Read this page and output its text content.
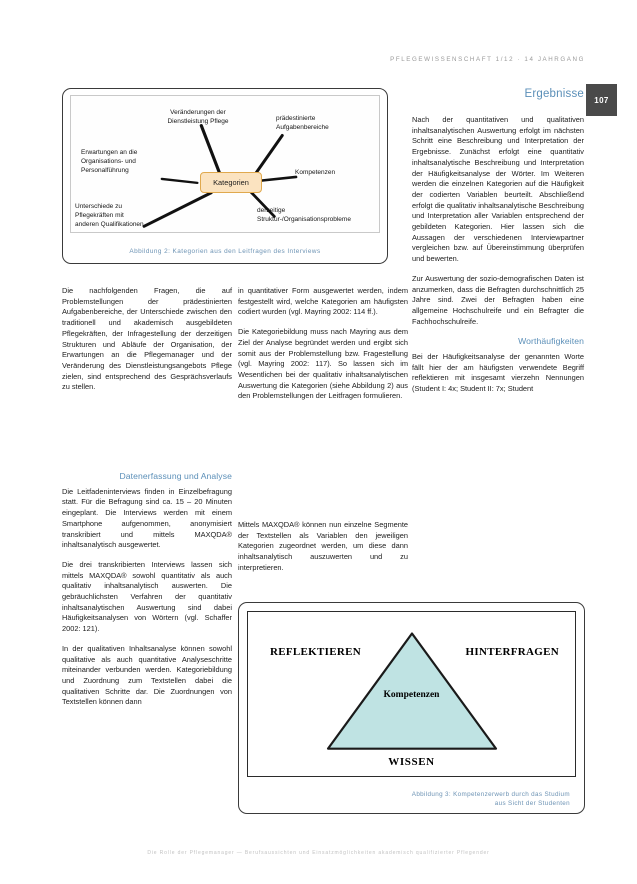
PFLEGEWISSENSCHAFT 1/12 · 14 JAHRGANG
107
Kategorien
Veränderungen der
Dienstleistung Pflege	prädestinierte
Aufgabenbereiche
Kompetenzen
derzeitige
Struktur-/Organisationsprobleme
Erwartungen an die
Organisations- und
Personalführung
Unterschiede zu
Pflegekräften mit
anderen Qualifikationen
Abbildung 2: Kategorien aus den Leitfragen des Interviews

Die nachfolgenden Fragen, die auf Problemstellungen der prädestinierten Aufgabenbereiche, der Unterschiede zwischen den traditionell und akademisch ausgebildeten Pflegekräften, der Infragestellung der derzeitigen Strukturen und Abläufe der Organisation, der Erwartungen an die Pflegemanager und der Veränderung des Dienstleistungsangebots Pflege zielen, sind entsprechend des Gesprächsverlaufs zu stellen.

Datenerfassung und Analyse

Die Leitfadeninterviews finden in Einzelbefragung statt. Für die Befragung sind ca. 15 – 20 Minuten eingeplant. Die Interviews werden mit einem Smartphone aufgenommen, anonymisiert transkribiert und mittels MAXQDA® inhaltsanalytisch ausgewertet.

Die drei transkribierten Interviews lassen sich mittels MAXQDA® sowohl quantitativ als auch qualitativ inhaltsanalytisch auswerten. Die gebräuchlichsten Verfahren der quantitativ inhaltsanalytischen Auswertung sind dabei Häufigkeitsanalysen von Wörtern (vgl. Schaffer 2002: 121).

In der qualitativen Inhaltsanalyse können sowohl qualitative als auch quantitative Analyseschritte miteinander verbunden werden. Kategoriebildung und Zuordnung zum Textstellen dabei die qualitativen Schritte dar. Die Zuordnungen von Textstellen können dann

in quantitativer Form ausgewertet werden, indem festgestellt wird, welche Kategorien am häufigsten codiert wurden (vgl. Mayring 2002: 114 ff.).

Die Kategoriebildung muss nach Mayring aus dem Ziel der Analyse begründet werden und ergibt sich somit aus der Problemstellung bzw. Fragestellung (vgl. Mayring 2002: 117). So lassen sich im Wesentlichen bei der qualitativ inhaltsanalytischen Auswertung die Kategorien (siehe Abbildung 2) aus den Problemstellungen der Leitfragen formulieren.

Mittels MAXQDA® können nun einzelne Segmente der Textstellen als Variablen den jeweiligen Kategorien zugeordnet werden, um diese dann inhaltsanalytisch auszuwerten und zu interpretieren.

Nach der quantitativen und qualitativen inhaltsanalytischen Auswertung erfolgt im nächsten Schritt eine Beschreibung und Interpretation der Ergebnisse. Zunächst erfolgt eine quantitativ inhaltsanalytische Beschreibung und Interpretation der Häufigkeitsanalyse der Wörter. Im Weiteren werden die einzelnen Kategorien auf die Häufigkeit der codierten Variablen beurteilt. Abschließend erfolgt die qualitativ inhaltsanalytische Beschreibung und Interpretation aller Variablen entsprechend der gebildeten Kategorien. Hier lassen sich die Aussagen der verschiedenen Interviewpartner vergleichen bzw. auf Übereinstimmung überprüfen und bewerten.

Zur Auswertung der sozio-demografischen Daten ist anzumerken, dass die Befragten durchschnittlich 25 Jahre sind. Zwei der Befragten haben eine allgemeine Hochschulreife und ein Befragter die Fachhochschulreife.

Worthäufigkeiten

Bei der Häufigkeitsanalyse der genannten Worte fällt hier der am häufigsten verwendete Begriff reflektieren mit insgesamt vierzehn Nennungen (Student I: 4x; Student II: 7x; Student

Ergebnisse
REFLEKTIEREN	HINTERFRAGEN
Kompetenzen
WISSEN
Abbildung 3: Kompetenzerwerb durch das Studium
aus Sicht der Studenten
Die Rolle der Pflegemanager — Berufsaussichten und Einsatzmöglichkeiten akademisch qualifizierter Pflegender
